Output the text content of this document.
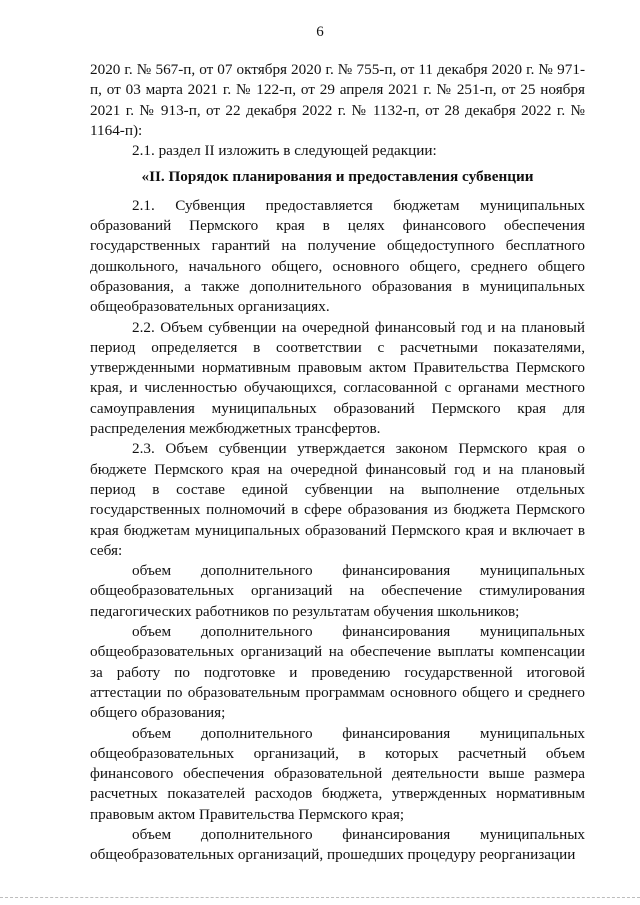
6

2020 г. № 567-п, от 07 октября 2020 г. № 755-п, от 11 декабря 2020 г. № 971-п, от 03 марта 2021 г. № 122-п, от 29 апреля 2021 г. № 251-п, от 25 ноября 2021 г. № 913-п, от 22 декабря 2022 г. № 1132-п, от 28 декабря 2022 г. № 1164-п):

2.1. раздел II изложить в следующей редакции:

«II. Порядок планирования и предоставления субвенции

2.1. Субвенция предоставляется бюджетам муниципальных образований Пермского края в целях финансового обеспечения государственных гарантий на получение общедоступного бесплатного дошкольного, начального общего, основного общего, среднего общего образования, а также дополнительного образования в муниципальных общеобразовательных организациях.

2.2. Объем субвенции на очередной финансовый год и на плановый период определяется в соответствии с расчетными показателями, утвержденными нормативным правовым актом Правительства Пермского края, и численностью обучающихся, согласованной с органами местного самоуправления муниципальных образований Пермского края для распределения межбюджетных трансфертов.

2.3. Объем субвенции утверждается законом Пермского края о бюджете Пермского края на очередной финансовый год и на плановый период в составе единой субвенции на выполнение отдельных государственных полномочий в сфере образования из бюджета Пермского края бюджетам муниципальных образований Пермского края и включает в себя:

объем дополнительного финансирования муниципальных общеобразовательных организаций на обеспечение стимулирования педагогических работников по результатам обучения школьников;

объем дополнительного финансирования муниципальных общеобразовательных организаций на обеспечение выплаты компенсации за работу по подготовке и проведению государственной итоговой аттестации по образовательным программам основного общего и среднего общего образования;

объем дополнительного финансирования муниципальных общеобразовательных организаций, в которых расчетный объем финансового обеспечения образовательной деятельности выше размера расчетных показателей расходов бюджета, утвержденных нормативным правовым актом Правительства Пермского края;

объем дополнительного финансирования муниципальных общеобразовательных организаций, прошедших процедуру реорганизации
